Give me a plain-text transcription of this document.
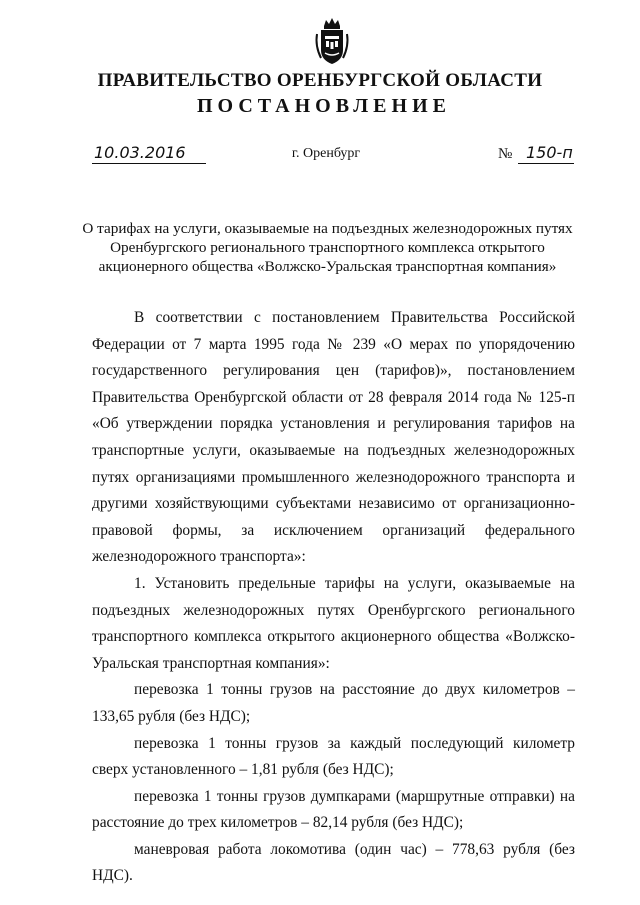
ПРАВИТЕЛЬСТВО ОРЕНБУРГСКОЙ ОБЛАСТИ
ПОСТАНОВЛЕНИЕ
10.03.2016	г. Оренбург	№ 150-п
О тарифах на услуги, оказываемые на подъездных железнодорожных путях Оренбургского регионального транспортного комплекса открытого акционерного общества «Волжско-Уральская транспортная компания»

В соответствии с постановлением Правительства Российской Федерации от 7 марта 1995 года № 239 «О мерах по упорядочению государственного регулирования цен (тарифов)», постановлением Правительства Оренбургской области от 28 февраля 2014 года № 125-п «Об утверждении порядка установления и регулирования тарифов на транспортные услуги, оказываемые на подъездных железнодорожных путях организациями промышленного железнодорожного транспорта и другими хозяйствующими субъектами независимо от организационно-правовой формы, за исключением организаций федерального железнодорожного транспорта»:

1. Установить предельные тарифы на услуги, оказываемые на подъездных железнодорожных путях Оренбургского регионального транспортного комплекса открытого акционерного общества «Волжско-Уральская транспортная компания»:

перевозка 1 тонны грузов на расстояние до двух километров – 133,65 рубля (без НДС);

перевозка 1 тонны грузов за каждый последующий километр сверх установленного – 1,81 рубля (без НДС);

перевозка 1 тонны грузов думпкарами (маршрутные отправки) на расстояние до трех километров – 82,14 рубля (без НДС);

маневровая работа локомотива (один час) – 778,63 рубля (без НДС).
